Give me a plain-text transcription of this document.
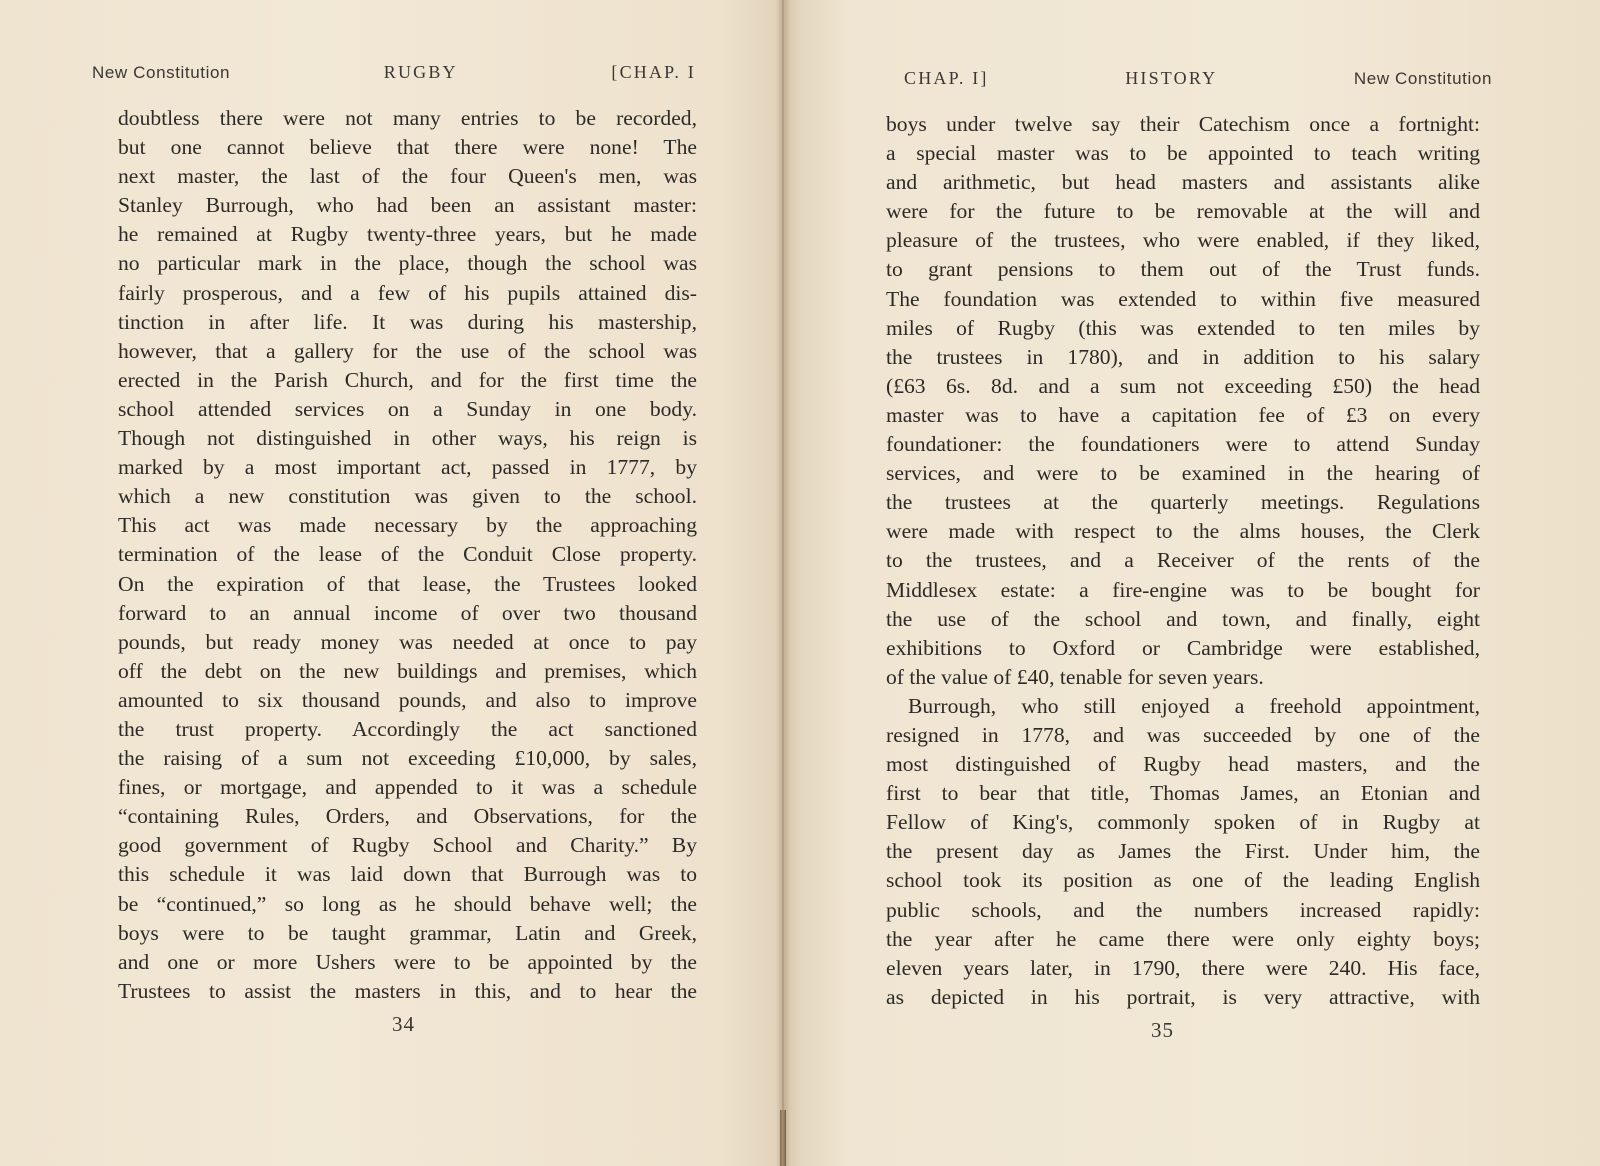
New Constitution	RUGBY	[CHAP. I
doubtless there were not many entries to be recorded,
but one cannot believe that there were none! The
next master, the last of the four Queen's men, was
Stanley Burrough, who had been an assistant master:
he remained at Rugby twenty-three years, but he made
no particular mark in the place, though the school was
fairly prosperous, and a few of his pupils attained dis-
tinction in after life. It was during his mastership,
however, that a gallery for the use of the school was
erected in the Parish Church, and for the first time the
school attended services on a Sunday in one body.
Though not distinguished in other ways, his reign is
marked by a most important act, passed in 1777, by
which a new constitution was given to the school.
This act was made necessary by the approaching
termination of the lease of the Conduit Close property.
On the expiration of that lease, the Trustees looked
forward to an annual income of over two thousand
pounds, but ready money was needed at once to pay
off the debt on the new buildings and premises, which
amounted to six thousand pounds, and also to improve
the trust property. Accordingly the act sanctioned
the raising of a sum not exceeding £10,000, by sales,
fines, or mortgage, and appended to it was a schedule
“containing Rules, Orders, and Observations, for the
good government of Rugby School and Charity.” By
this schedule it was laid down that Burrough was to
be “continued,” so long as he should behave well; the
boys were to be taught grammar, Latin and Greek,
and one or more Ushers were to be appointed by the
Trustees to assist the masters in this, and to hear the
34
CHAP. I]	HISTORY	New Constitution
boys under twelve say their Catechism once a fortnight:
a special master was to be appointed to teach writing
and arithmetic, but head masters and assistants alike
were for the future to be removable at the will and
pleasure of the trustees, who were enabled, if they liked,
to grant pensions to them out of the Trust funds.
The foundation was extended to within five measured
miles of Rugby (this was extended to ten miles by
the trustees in 1780), and in addition to his salary
(£63 6s. 8d. and a sum not exceeding £50) the head
master was to have a capitation fee of £3 on every
foundationer: the foundationers were to attend Sunday
services, and were to be examined in the hearing of
the trustees at the quarterly meetings. Regulations
were made with respect to the alms houses, the Clerk
to the trustees, and a Receiver of the rents of the
Middlesex estate: a fire-engine was to be bought for
the use of the school and town, and finally, eight
exhibitions to Oxford or Cambridge were established,
of the value of £40, tenable for seven years.
Burrough, who still enjoyed a freehold appointment,
resigned in 1778, and was succeeded by one of the
most distinguished of Rugby head masters, and the
first to bear that title, Thomas James, an Etonian and
Fellow of King's, commonly spoken of in Rugby at
the present day as James the First. Under him, the
school took its position as one of the leading English
public schools, and the numbers increased rapidly:
the year after he came there were only eighty boys;
eleven years later, in 1790, there were 240. His face,
as depicted in his portrait, is very attractive, with
35
